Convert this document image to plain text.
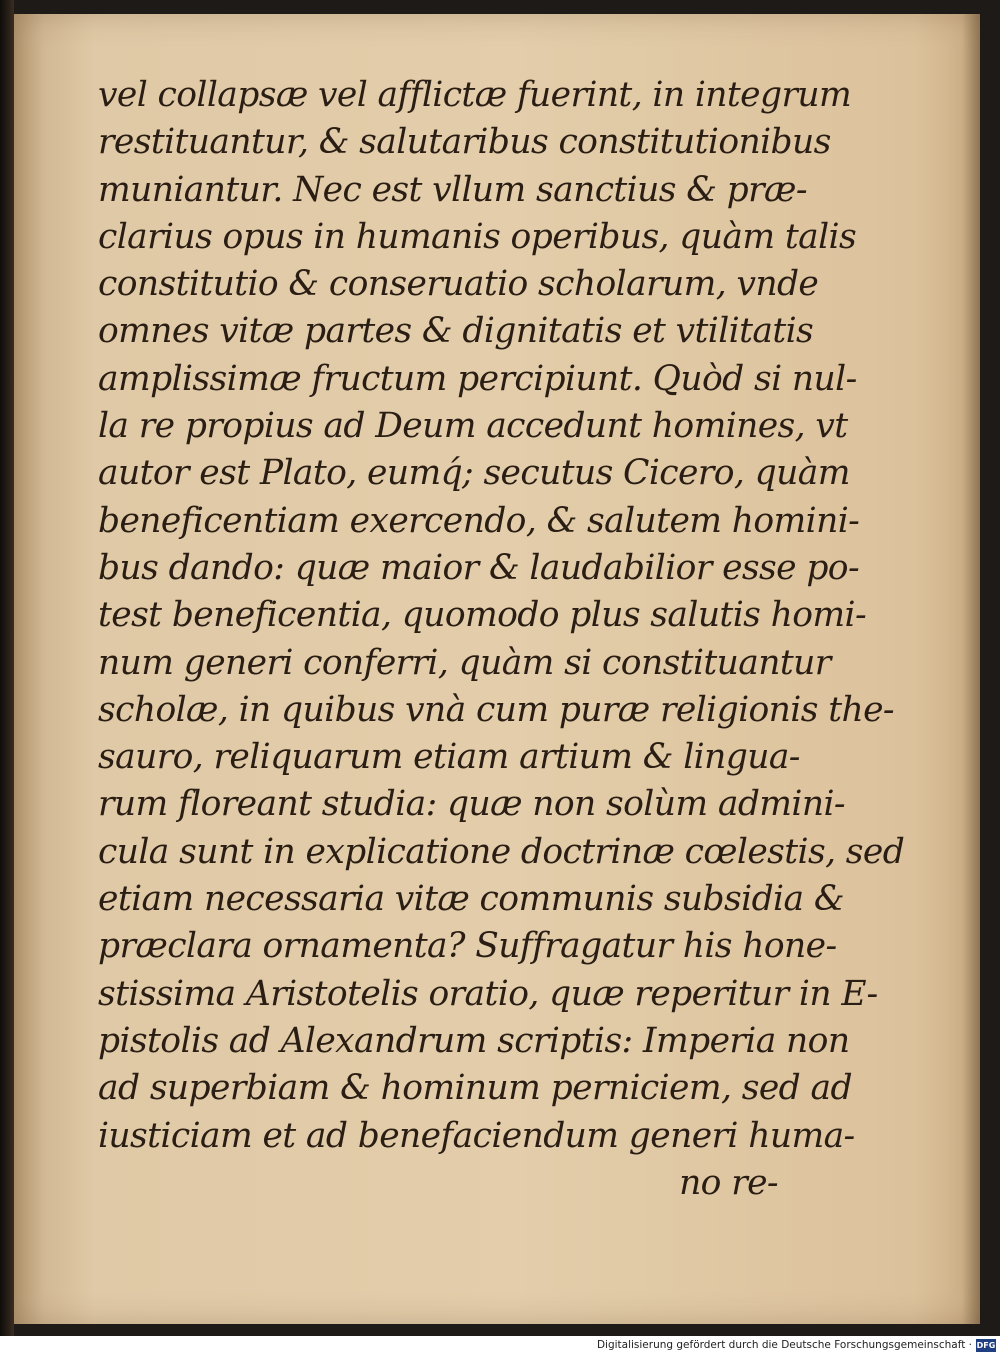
vel collapsæ vel afflictæ fuerint, in integrum
restituantur, & salutaribus constitutionibus
muniantur. Nec est vllum sanctius & præ-
clarius opus in humanis operibus, quàm talis
constitutio & conseruatio scholarum, vnde
omnes vitæ partes & dignitatis et vtilitatis
amplissimæ fructum percipiunt. Quòd si nul-
la re propius ad Deum accedunt homines, vt
autor est Plato, eumq́; secutus Cicero, quàm
beneficentiam exercendo, & salutem homini-
bus dando: quæ maior & laudabilior esse po-
test beneficentia, quomodo plus salutis homi-
num generi conferri, quàm si constituantur
scholæ, in quibus vnà cum puræ religionis the-
sauro, reliquarum etiam artium & lingua-
rum floreant studia: quæ non solùm admini-
cula sunt in explicatione doctrinæ cœlestis, sed
etiam necessaria vitæ communis subsidia &
præclara ornamenta? Suffragatur his hone-
stissima Aristotelis oratio, quæ reperitur in E-
pistolis ad Alexandrum scriptis: Imperia non
ad superbiam & hominum perniciem, sed ad
iusticiam et ad benefaciendum generi huma-
no re-
Digitalisierung gefördert durch die Deutsche Forschungsgemeinschaft · DFG
